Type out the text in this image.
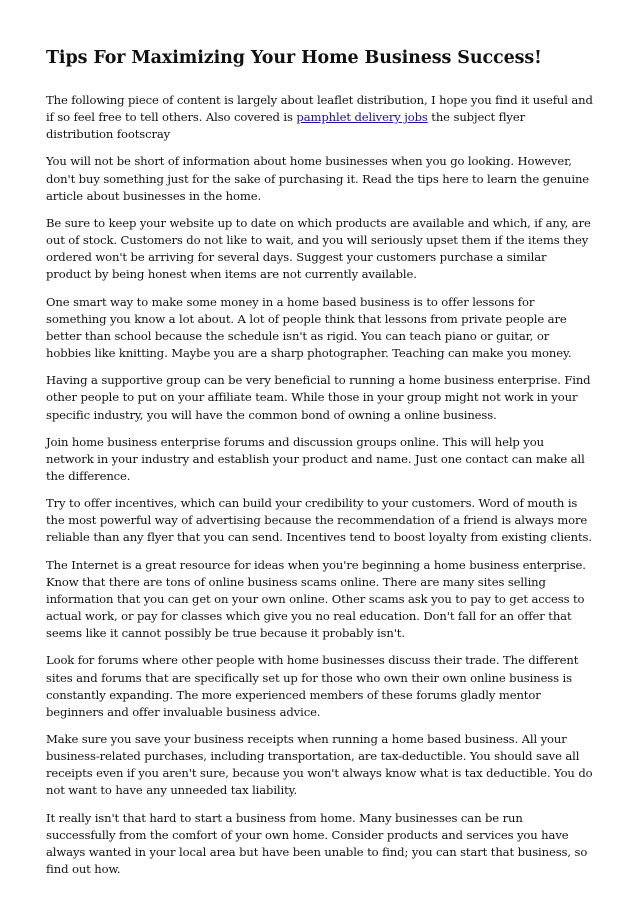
Tips For Maximizing Your Home Business Success!

The following piece of content is largely about leaflet distribution, I hope you find it useful and if so feel free to tell others. Also covered is pamphlet delivery jobs the subject flyer distribution footscray

You will not be short of information about home businesses when you go looking. However, don't buy something just for the sake of purchasing it. Read the tips here to learn the genuine article about businesses in the home.

Be sure to keep your website up to date on which products are available and which, if any, are out of stock. Customers do not like to wait, and you will seriously upset them if the items they ordered won't be arriving for several days. Suggest your customers purchase a similar product by being honest when items are not currently available.

One smart way to make some money in a home based business is to offer lessons for something you know a lot about. A lot of people think that lessons from private people are better than school because the schedule isn't as rigid. You can teach piano or guitar, or hobbies like knitting. Maybe you are a sharp photographer. Teaching can make you money.

Having a supportive group can be very beneficial to running a home business enterprise. Find other people to put on your affiliate team. While those in your group might not work in your specific industry, you will have the common bond of owning a online business.

Join home business enterprise forums and discussion groups online. This will help you network in your industry and establish your product and name. Just one contact can make all the difference.

Try to offer incentives, which can build your credibility to your customers. Word of mouth is the most powerful way of advertising because the recommendation of a friend is always more reliable than any flyer that you can send. Incentives tend to boost loyalty from existing clients.

The Internet is a great resource for ideas when you're beginning a home business enterprise. Know that there are tons of online business scams online. There are many sites selling information that you can get on your own online. Other scams ask you to pay to get access to actual work, or pay for classes which give you no real education. Don't fall for an offer that seems like it cannot possibly be true because it probably isn't.

Look for forums where other people with home businesses discuss their trade. The different sites and forums that are specifically set up for those who own their own online business is constantly expanding. The more experienced members of these forums gladly mentor beginners and offer invaluable business advice.

Make sure you save your business receipts when running a home based business. All your business-related purchases, including transportation, are tax-deductible. You should save all receipts even if you aren't sure, because you won't always know what is tax deductible. You do not want to have any unneeded tax liability.

It really isn't that hard to start a business from home. Many businesses can be run successfully from the comfort of your own home. Consider products and services you have always wanted in your local area but have been unable to find; you can start that business, so find out how.
